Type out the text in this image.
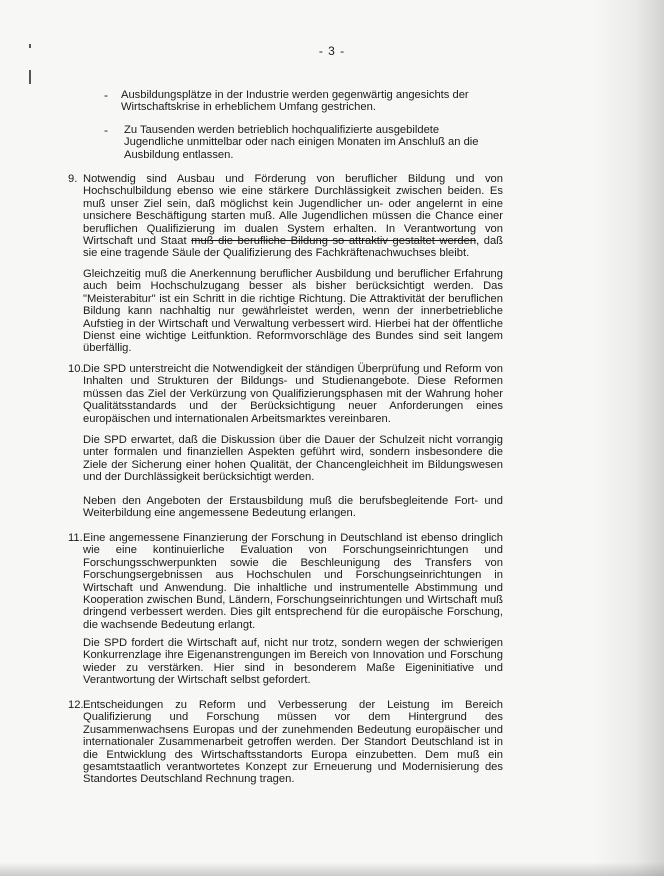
- 3 -
- Ausbildungsplätze in der Industrie werden gegenwärtig angesichts der Wirtschaftskrise in erheblichem Umfang gestrichen.
- Zu Tausenden werden betrieblich hochqualifizierte ausgebildete Jugendliche unmittelbar oder nach einigen Monaten im Anschluß an die Ausbildung entlassen.
9. Notwendig sind Ausbau und Förderung von beruflicher Bildung und von Hochschulbildung ebenso wie eine stärkere Durchlässigkeit zwischen beiden. Es muß unser Ziel sein, daß möglichst kein Jugendlicher un- oder angelernt in eine unsichere Beschäftigung starten muß. Alle Jugendlichen müssen die Chance einer beruflichen Qualifizierung im dualen System erhalten. In Verantwortung von Wirtschaft und Staat muß die berufliche Bildung so attraktiv gestaltet werden, daß sie eine tragende Säule der Qualifizierung des Fachkräftenachwuchses bleibt.
Gleichzeitig muß die Anerkennung beruflicher Ausbildung und beruflicher Erfahrung auch beim Hochschulzugang besser als bisher berücksichtigt werden. Das "Meisterabitur" ist ein Schritt in die richtige Richtung. Die Attraktivität der beruflichen Bildung kann nachhaltig nur gewährleistet werden, wenn der innerbetriebliche Aufstieg in der Wirtschaft und Verwaltung verbessert wird. Hierbei hat der öffentliche Dienst eine wichtige Leitfunktion. Reformvorschläge des Bundes sind seit langem überfällig.
10. Die SPD unterstreicht die Notwendigkeit der ständigen Überprüfung und Reform von Inhalten und Strukturen der Bildungs- und Studienangebote. Diese Reformen müssen das Ziel der Verkürzung von Qualifizierungsphasen mit der Wahrung hoher Qualitätsstandards und der Berücksichtigung neuer Anforderungen eines europäischen und internationalen Arbeitsmarktes vereinbaren.
Die SPD erwartet, daß die Diskussion über die Dauer der Schulzeit nicht vorrangig unter formalen und finanziellen Aspekten geführt wird, sondern insbesondere die Ziele der Sicherung einer hohen Qualität, der Chancengleichheit im Bildungswesen und der Durchlässigkeit berücksichtigt werden.
Neben den Angeboten der Erstausbildung muß die berufsbegleitende Fort- und Weiterbildung eine angemessene Bedeutung erlangen.
11. Eine angemessene Finanzierung der Forschung in Deutschland ist ebenso dringlich wie eine kontinuierliche Evaluation von Forschungseinrichtungen und Forschungsschwerpunkten sowie die Beschleunigung des Transfers von Forschungsergebnissen aus Hochschulen und Forschungseinrichtungen in Wirtschaft und Anwendung. Die inhaltliche und instrumentelle Abstimmung und Kooperation zwischen Bund, Ländern, Forschungseinrichtungen und Wirtschaft muß dringend verbessert werden. Dies gilt entsprechend für die europäische Forschung, die wachsende Bedeutung erlangt.
Die SPD fordert die Wirtschaft auf, nicht nur trotz, sondern wegen der schwierigen Konkurrenzlage ihre Eigenanstrengungen im Bereich von Innovation und Forschung wieder zu verstärken. Hier sind in besonderem Maße Eigeninitiative und Verantwortung der Wirtschaft selbst gefordert.
12. Entscheidungen zu Reform und Verbesserung der Leistung im Bereich Qualifizierung und Forschung müssen vor dem Hintergrund des Zusammenwachsens Europas und der zunehmenden Bedeutung europäischer und internationaler Zusammenarbeit getroffen werden. Der Standort Deutschland ist in die Entwicklung des Wirtschaftsstandorts Europa einzubetten. Dem muß ein gesamtstaatlich verantwortetes Konzept zur Erneuerung und Modernisierung des Standortes Deutschland Rechnung tragen.
